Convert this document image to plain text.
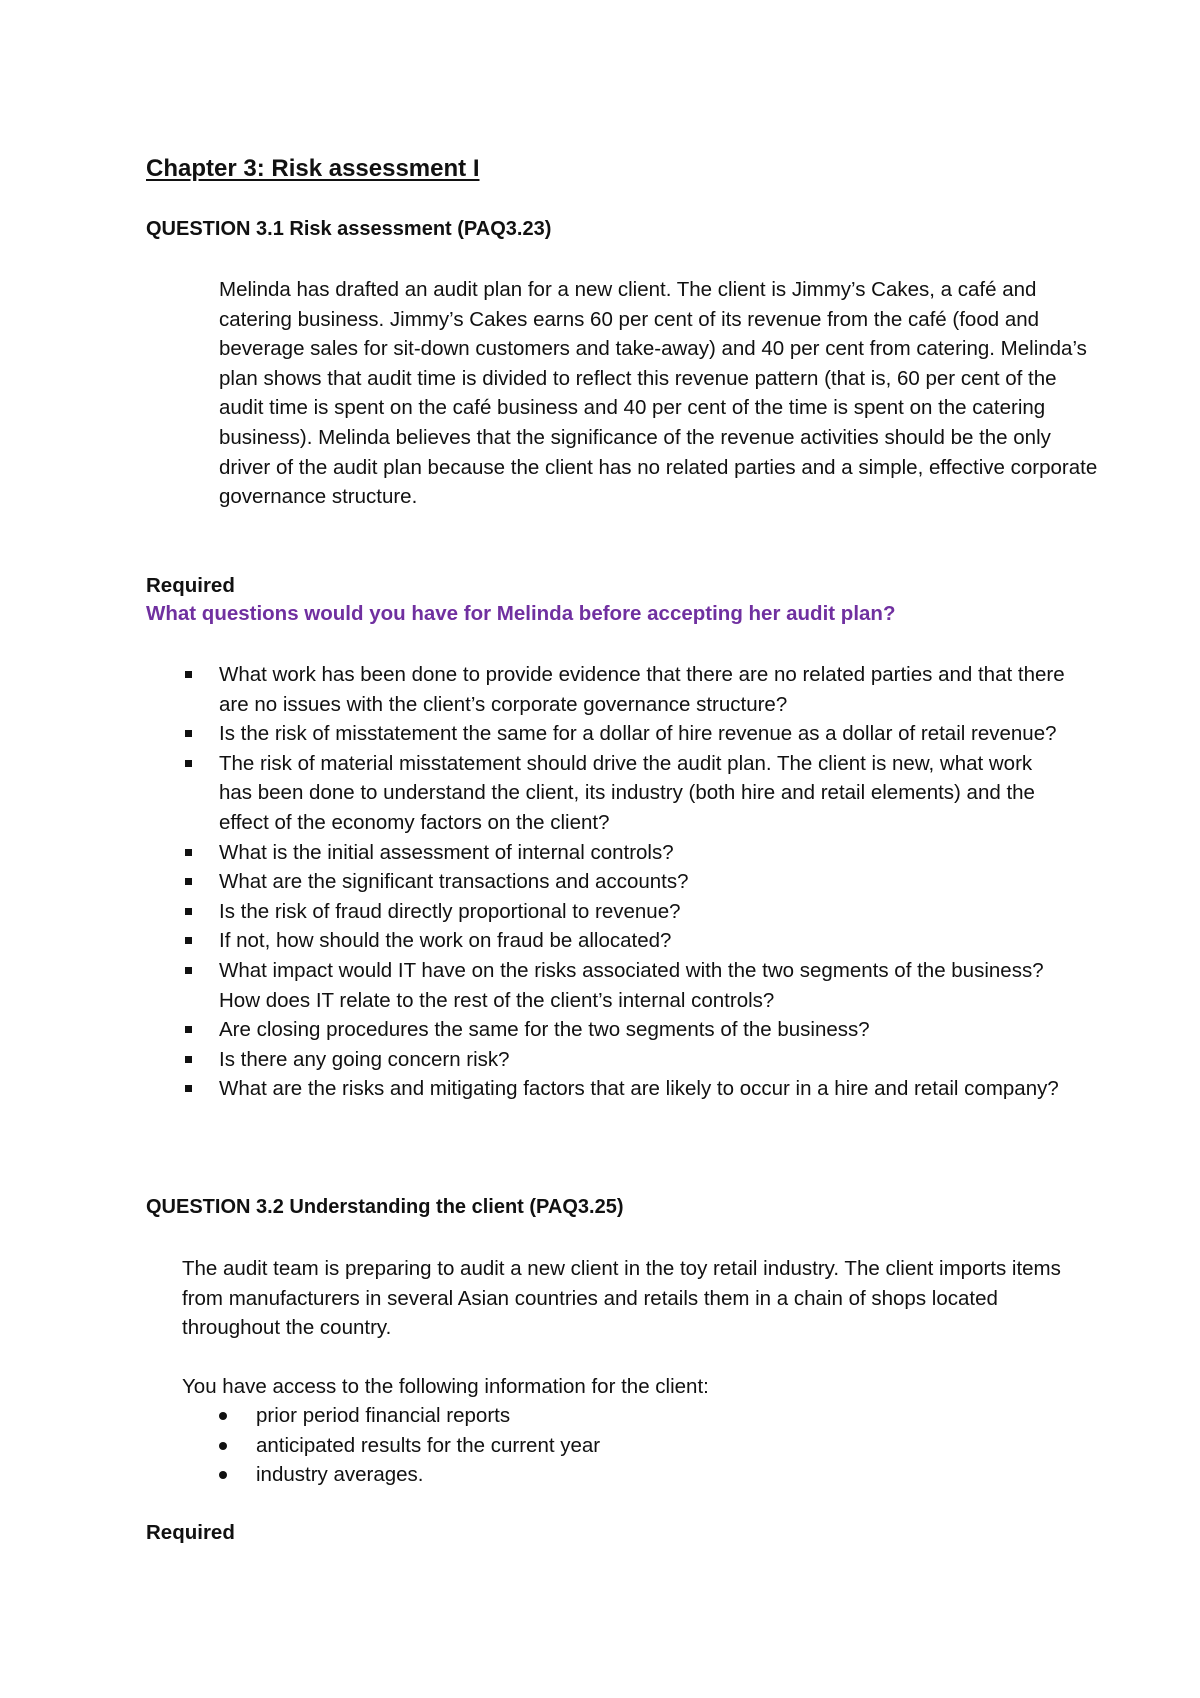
Chapter 3: Risk assessment I
QUESTION 3.1 Risk assessment (PAQ3.23)

Melinda has drafted an audit plan for a new client. The client is Jimmy’s Cakes, a café and catering business. Jimmy’s Cakes earns 60 per cent of its revenue from the café (food and beverage sales for sit-down customers and take-away) and 40 per cent from catering. Melinda’s plan shows that audit time is divided to reflect this revenue pattern (that is, 60 per cent of the audit time is spent on the café business and 40 per cent of the time is spent on the catering business). Melinda believes that the significance of the revenue activities should be the only driver of the audit plan because the client has no related parties and a simple, effective corporate governance structure.

Required

What questions would you have for Melinda before accepting her audit plan?

What work has been done to provide evidence that there are no related parties and that there are no issues with the client’s corporate governance structure?
Is the risk of misstatement the same for a dollar of hire revenue as a dollar of retail revenue?
The risk of material misstatement should drive the audit plan. The client is new, what work has been done to understand the client, its industry (both hire and retail elements) and the effect of the economy factors on the client?
What is the initial assessment of internal controls?
What are the significant transactions and accounts?
Is the risk of fraud directly proportional to revenue?
If not, how should the work on fraud be allocated?
What impact would IT have on the risks associated with the two segments of the business? How does IT relate to the rest of the client’s internal controls?
Are closing procedures the same for the two segments of the business?
Is there any going concern risk?
What are the risks and mitigating factors that are likely to occur in a hire and retail company?
QUESTION 3.2 Understanding the client (PAQ3.25)

The audit team is preparing to audit a new client in the toy retail industry. The client imports items from manufacturers in several Asian countries and retails them in a chain of shops located throughout the country.

You have access to the following information for the client:

prior period financial reports
anticipated results for the current year
industry averages.

Required
